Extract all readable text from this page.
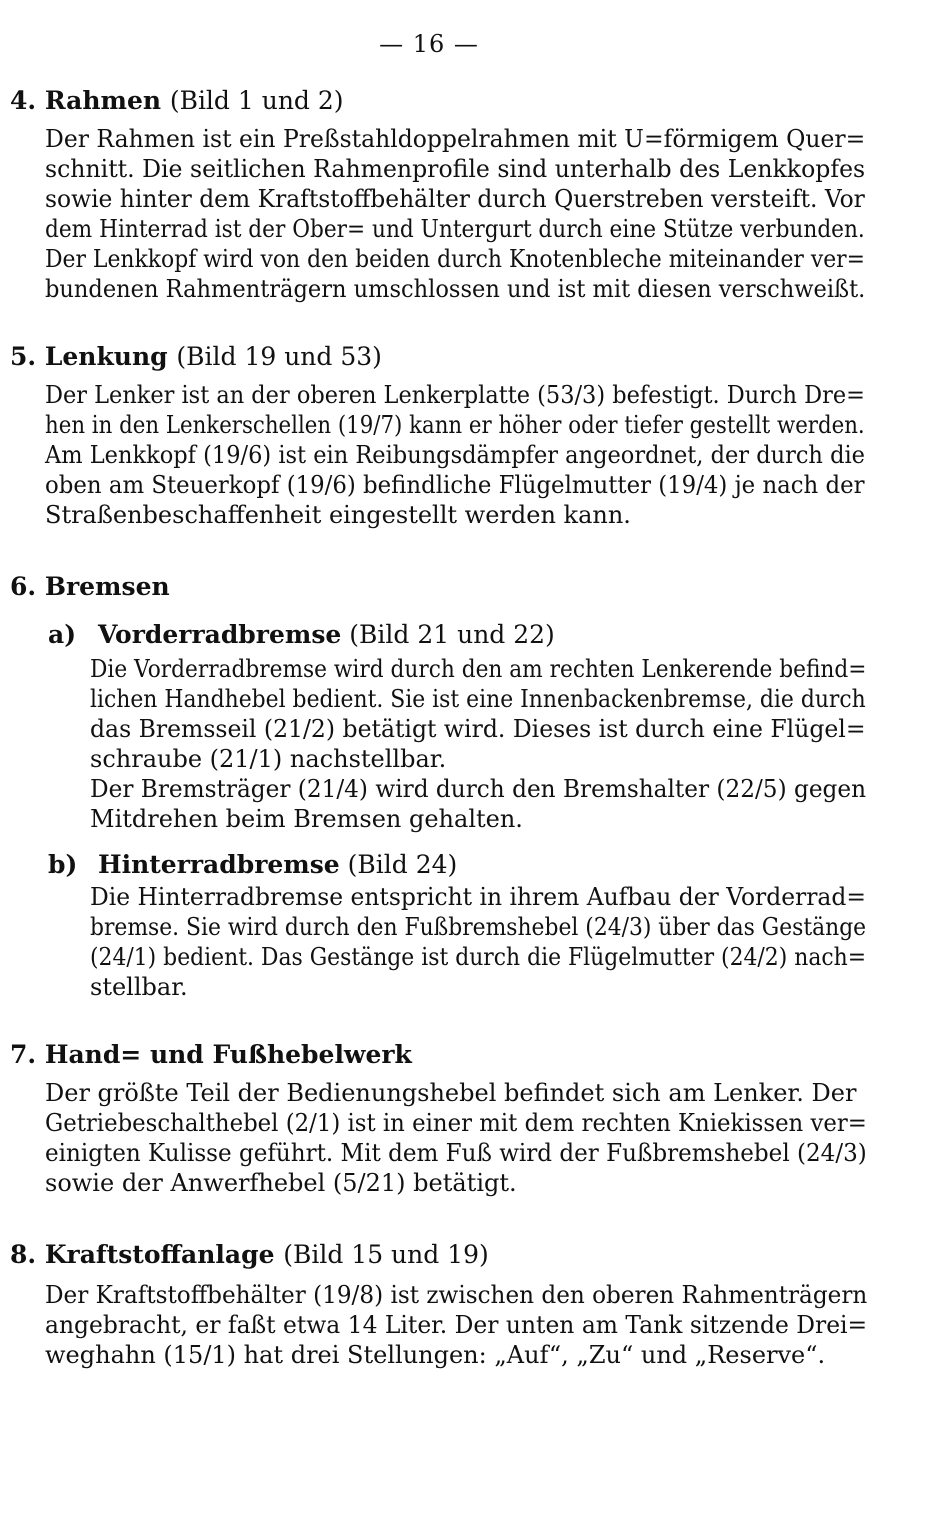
— 16 —
4. Rahmen (Bild 1 und 2)
Der Rahmen ist ein Preßstahldoppelrahmen mit U=förmigem Quer=
schnitt. Die seitlichen Rahmenprofile sind unterhalb des Lenkkopfes
sowie hinter dem Kraftstoffbehälter durch Querstreben versteift. Vor
dem Hinterrad ist der Ober= und Untergurt durch eine Stütze verbunden.
Der Lenkkopf wird von den beiden durch Knotenbleche miteinander ver=
bundenen Rahmenträgern umschlossen und ist mit diesen verschweißt.
5. Lenkung (Bild 19 und 53)
Der Lenker ist an der oberen Lenkerplatte (53/3) befestigt. Durch Dre=
hen in den Lenkerschellen (19/7) kann er höher oder tiefer gestellt werden.
Am Lenkkopf (19/6) ist ein Reibungsdämpfer angeordnet, der durch die
oben am Steuerkopf (19/6) befindliche Flügelmutter (19/4) je nach der
Straßenbeschaffenheit eingestellt werden kann.
6. Bremsen
a) Vorderradbremse (Bild 21 und 22)
Die Vorderradbremse wird durch den am rechten Lenkerende befind=
lichen Handhebel bedient. Sie ist eine Innenbackenbremse, die durch
das Bremsseil (21/2) betätigt wird. Dieses ist durch eine Flügel=
schraube (21/1) nachstellbar.
Der Bremsträger (21/4) wird durch den Bremshalter (22/5) gegen
Mitdrehen beim Bremsen gehalten.
b) Hinterradbremse (Bild 24)
Die Hinterradbremse entspricht in ihrem Aufbau der Vorderrad=
bremse. Sie wird durch den Fußbremshebel (24/3) über das Gestänge
(24/1) bedient. Das Gestänge ist durch die Flügelmutter (24/2) nach=
stellbar.
7. Hand= und Fußhebelwerk
Der größte Teil der Bedienungshebel befindet sich am Lenker. Der
Getriebeschalthebel (2/1) ist in einer mit dem rechten Kniekissen ver=
einigten Kulisse geführt. Mit dem Fuß wird der Fußbremshebel (24/3)
sowie der Anwerfhebel (5/21) betätigt.
8. Kraftstoffanlage (Bild 15 und 19)
Der Kraftstoffbehälter (19/8) ist zwischen den oberen Rahmenträgern
angebracht, er faßt etwa 14 Liter. Der unten am Tank sitzende Drei=
weghahn (15/1) hat drei Stellungen: „Auf“, „Zu“ und „Reserve“.
